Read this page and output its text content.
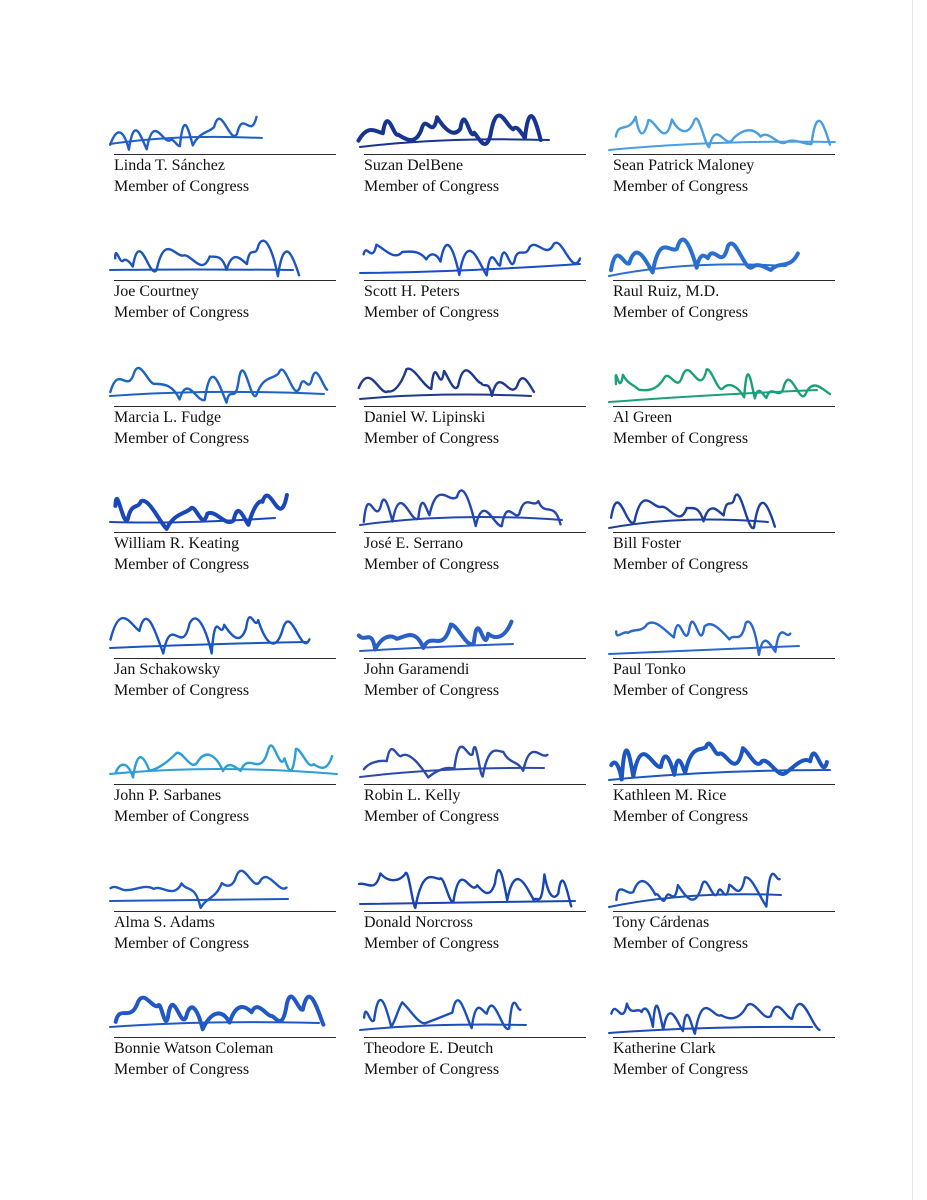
Linda T. Sánchez
Member of Congress
Suzan DelBene
Member of Congress
Sean Patrick Maloney
Member of Congress
Joe Courtney
Member of Congress
Scott H. Peters
Member of Congress
Raul Ruiz, M.D.
Member of Congress
Marcia L. Fudge
Member of Congress
Daniel W. Lipinski
Member of Congress
Al Green
Member of Congress
William R. Keating
Member of Congress
José E. Serrano
Member of Congress
Bill Foster
Member of Congress
Jan Schakowsky
Member of Congress
John Garamendi
Member of Congress
Paul Tonko
Member of Congress
John P. Sarbanes
Member of Congress
Robin L. Kelly
Member of Congress
Kathleen M. Rice
Member of Congress
Alma S. Adams
Member of Congress
Donald Norcross
Member of Congress
Tony Cárdenas
Member of Congress
Bonnie Watson Coleman
Member of Congress
Theodore E. Deutch
Member of Congress
Katherine Clark
Member of Congress
